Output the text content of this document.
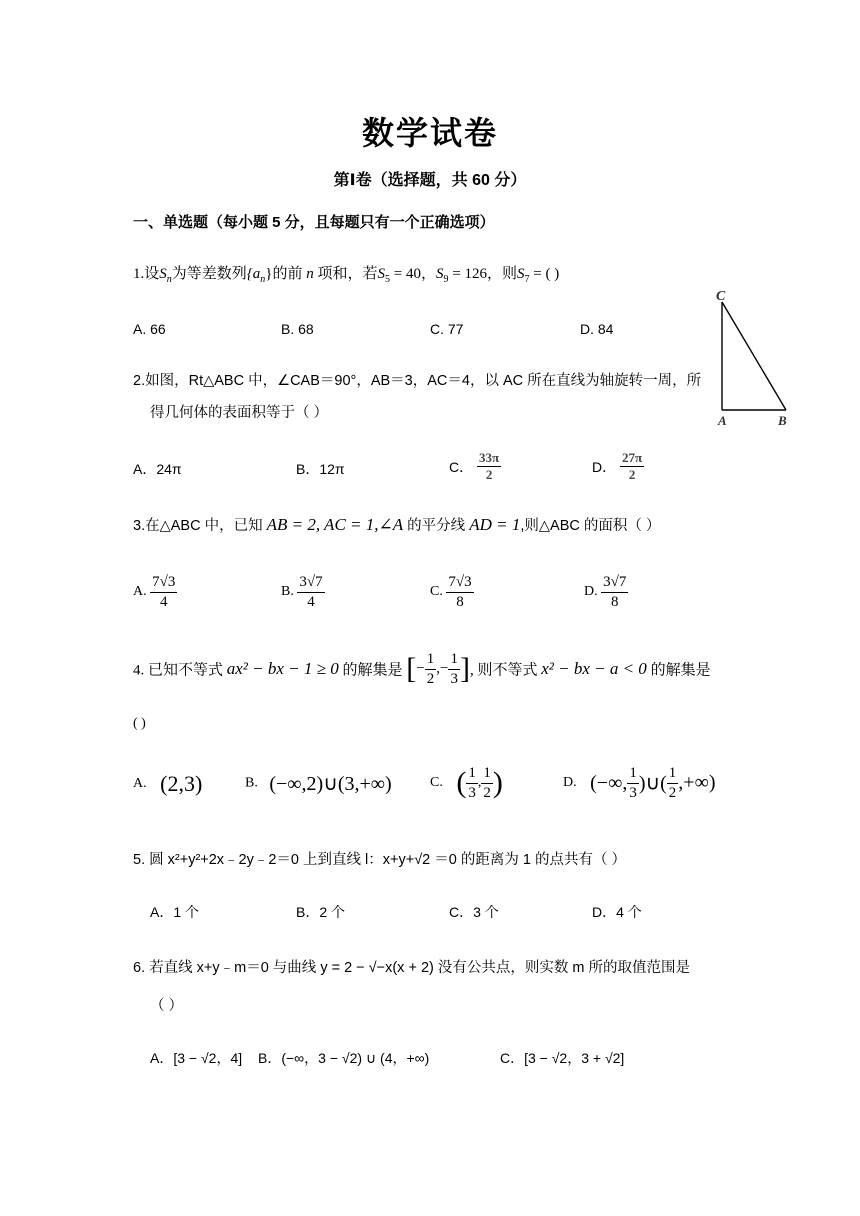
数学试卷
第Ⅰ卷（选择题，共 60 分）
一、单选题（每小题 5 分，且每题只有一个正确选项）
1.设$S_n$为等差数列$\{a_n\}$的前 n 项和，若$S_5 = 40$，$S_9 = 126$，则$S_7$ = ( )
A. 66	B. 68	C. 77	D. 84
C
A	B
2.如图，Rt△ABC 中，∠CAB＝90°，AB＝3，AC＝4，以 AC 所在直线为轴旋转一周，所
得几何体的表面积等于（ ）
A．24π	B．12π	C． $\frac{33\pi}{2}$	D． $\frac{27\pi}{2}$
3.在△ABC 中，已知 AB = 2, AC = 1,∠A 的平分线 AD = 1,则△ABC 的面积（ ）
A. $\frac{7√3}{4}$	B. $\frac{3√7}{4}$	C. $\frac{7√3}{8}$	D. $\frac{3√7}{8}$
4. 已知不等式 ax² − bx − 1 ≥ 0 的解集是 [− $\frac{1}{2}$ ,− $\frac{1}{3}$ ], 则不等式 x² − bx − a < 0 的解集是
( )
A. (2,3)	B. (−∞,2)∪(3,+∞)	C. ( $\frac{1}{3}$ , $\frac{1}{2}$ )	D. (−∞, $\frac{1}{3}$ )∪( $\frac{1}{2}$ ,+∞)
5. 圆 x²+y²+2x﹣2y﹣2＝0 上到直线 l：x+y+√2 ＝0 的距离为 1 的点共有（ ）
A．1 个	B．2 个	C．3 个	D．4 个
6. 若直线 x+y﹣m＝0 与曲线 y = 2 − √−x(x + 2) 没有公共点，则实数 m 所的取值范围是
（ ）
A．[3 − √2，4] B．(−∞，3 − √2) ∪ (4，+∞)	C．[3 − √2，3 + √2]
